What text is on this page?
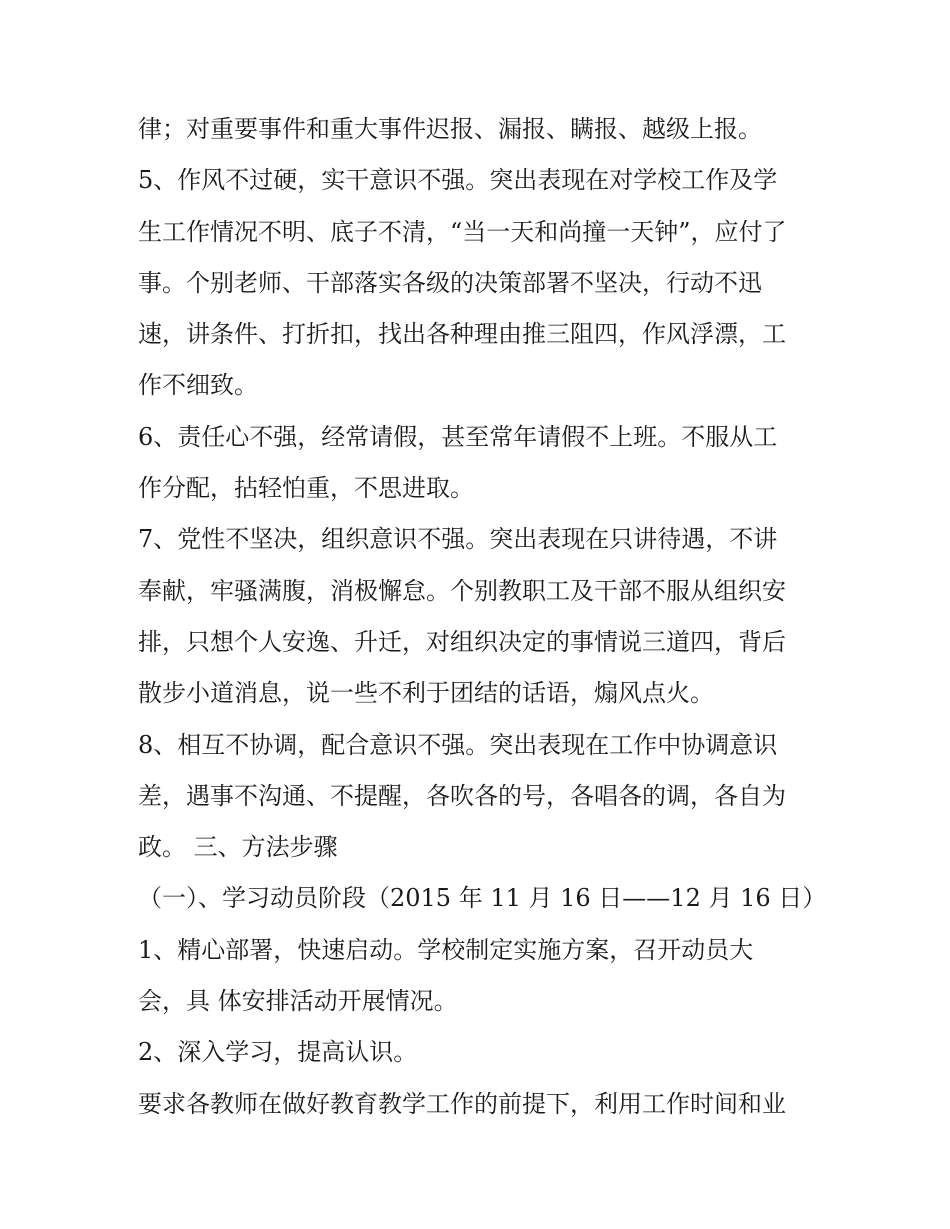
律；对重要事件和重大事件迟报、漏报、瞒报、越级上报。
5、作风不过硬，实干意识不强。突出表现在对学校工作及学
生工作情况不明、底子不清，“当一天和尚撞一天钟”，应付了
事。个别老师、干部落实各级的决策部署不坚决，行动不迅
速，讲条件、打折扣，找出各种理由推三阻四，作风浮漂，工
作不细致。
6、责任心不强，经常请假，甚至常年请假不上班。不服从工
作分配，拈轻怕重，不思进取。
7、党性不坚决，组织意识不强。突出表现在只讲待遇，不讲
奉献，牢骚满腹，消极懈怠。个别教职工及干部不服从组织安
排，只想个人安逸、升迁，对组织决定的事情说三道四，背后
散步小道消息，说一些不利于团结的话语，煽风点火。
8、相互不协调，配合意识不强。突出表现在工作中协调意识
差，遇事不沟通、不提醒，各吹各的号，各唱各的调，各自为
政。 三、方法步骤
（一）、学习动员阶段（2015 年 11 月 16 日——12 月 16 日）
1、精心部署，快速启动。学校制定实施方案，召开动员大
会，具 体安排活动开展情况。
2、深入学习，提高认识。
要求各教师在做好教育教学工作的前提下，利用工作时间和业
